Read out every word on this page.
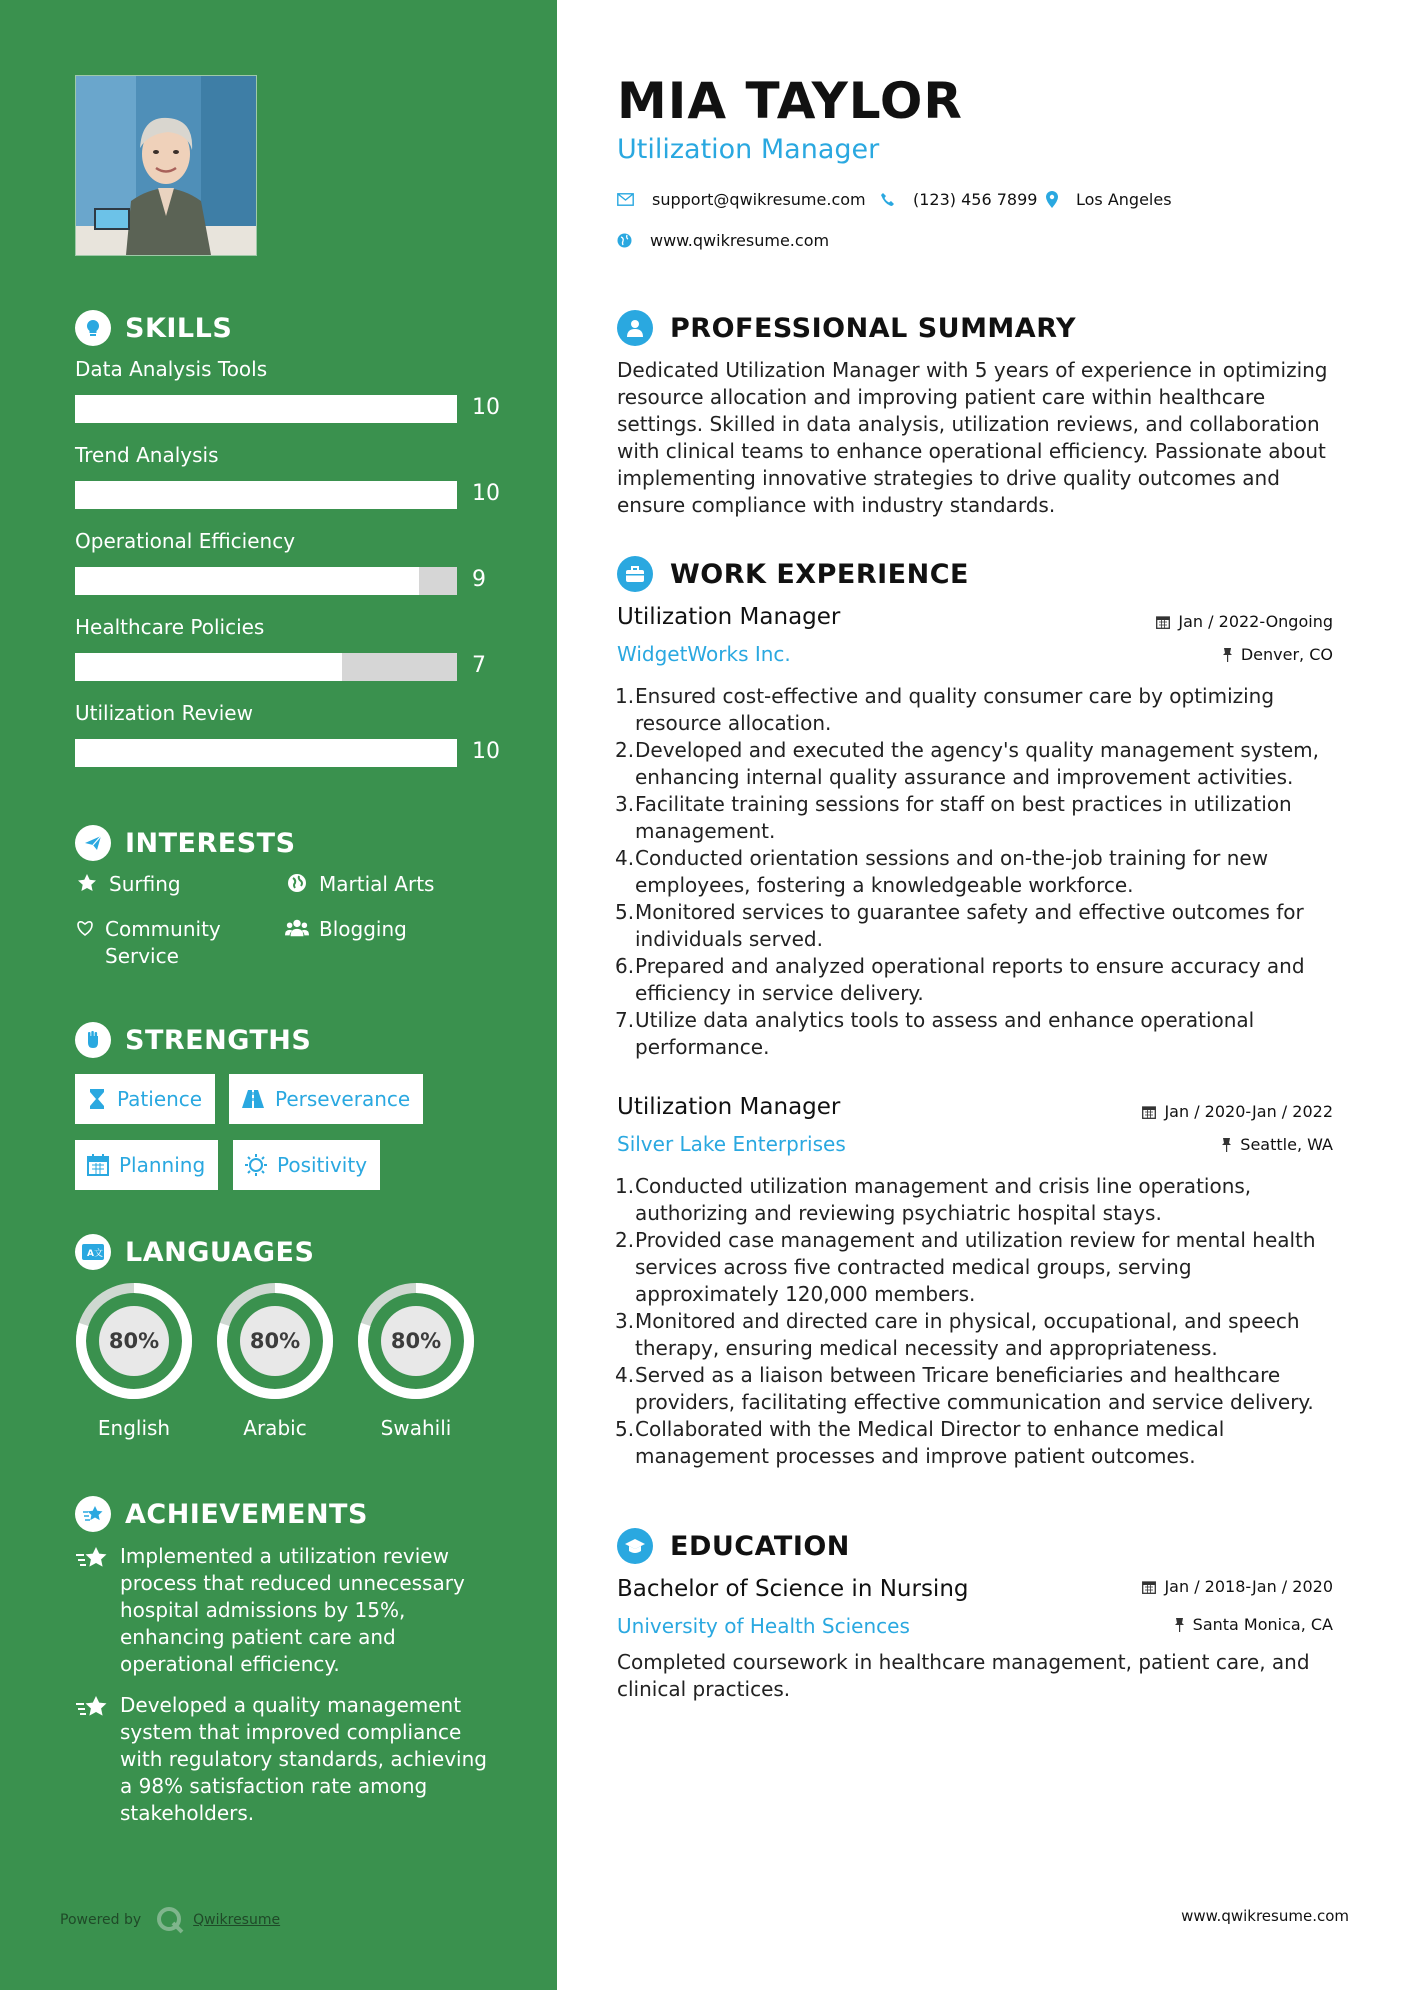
SKILLS
Data Analysis Tools
10
Trend Analysis
10
Operational Efficiency
9
Healthcare Policies
7
Utilization Review
10
INTERESTS
Surfing	Martial Arts
Community Service
Blogging
STRENGTHS
Patience	Perseverance
Planning	Positivity
A 文 LANGUAGES
80%
English
80%
Arabic
80%
Swahili
ACHIEVEMENTS
Implemented a utilization review process that reduced unnecessary hospital admissions by 15%, enhancing patient care and operational efficiency.
Developed a quality management system that improved compliance with regulatory standards, achieving a 98% satisfaction rate among stakeholders.
Powered by	Qwikresume
MIA TAYLOR
Utilization Manager
support@qwikresume.com	(123) 456 7899 Los Angeles
www.qwikresume.com
PROFESSIONAL SUMMARY
Dedicated Utilization Manager with 5 years of experience in optimizing resource allocation and improving patient care within healthcare settings. Skilled in data analysis, utilization reviews, and collaboration with clinical teams to enhance operational efficiency. Passionate about implementing innovative strategies to drive quality outcomes and ensure compliance with industry standards.
WORK EXPERIENCE
Utilization Manager
WidgetWorks Inc.
Jan / 2022-Ongoing
Denver, CO
Ensured cost-effective and quality consumer care by optimizing resource allocation.
Developed and executed the agency's quality management system, enhancing internal quality assurance and improvement activities.
Facilitate training sessions for staff on best practices in utilization management.
Conducted orientation sessions and on-the-job training for new employees, fostering a knowledgeable workforce.
Monitored services to guarantee safety and effective outcomes for individuals served.
Prepared and analyzed operational reports to ensure accuracy and efficiency in service delivery.
Utilize data analytics tools to assess and enhance operational performance.
Utilization Manager
Silver Lake Enterprises
Jan / 2020-Jan / 2022
Seattle, WA
Conducted utilization management and crisis line operations, authorizing and reviewing psychiatric hospital stays.
Provided case management and utilization review for mental health services across five contracted medical groups, serving approximately 120,000 members.
Monitored and directed care in physical, occupational, and speech therapy, ensuring medical necessity and appropriateness.
Served as a liaison between Tricare beneficiaries and healthcare providers, facilitating effective communication and service delivery.
Collaborated with the Medical Director to enhance medical management processes and improve patient outcomes.
EDUCATION
Bachelor of Science in Nursing
University of Health Sciences
Jan / 2018-Jan / 2020
Santa Monica, CA
Completed coursework in healthcare management, patient care, and clinical practices.
www.qwikresume.com
